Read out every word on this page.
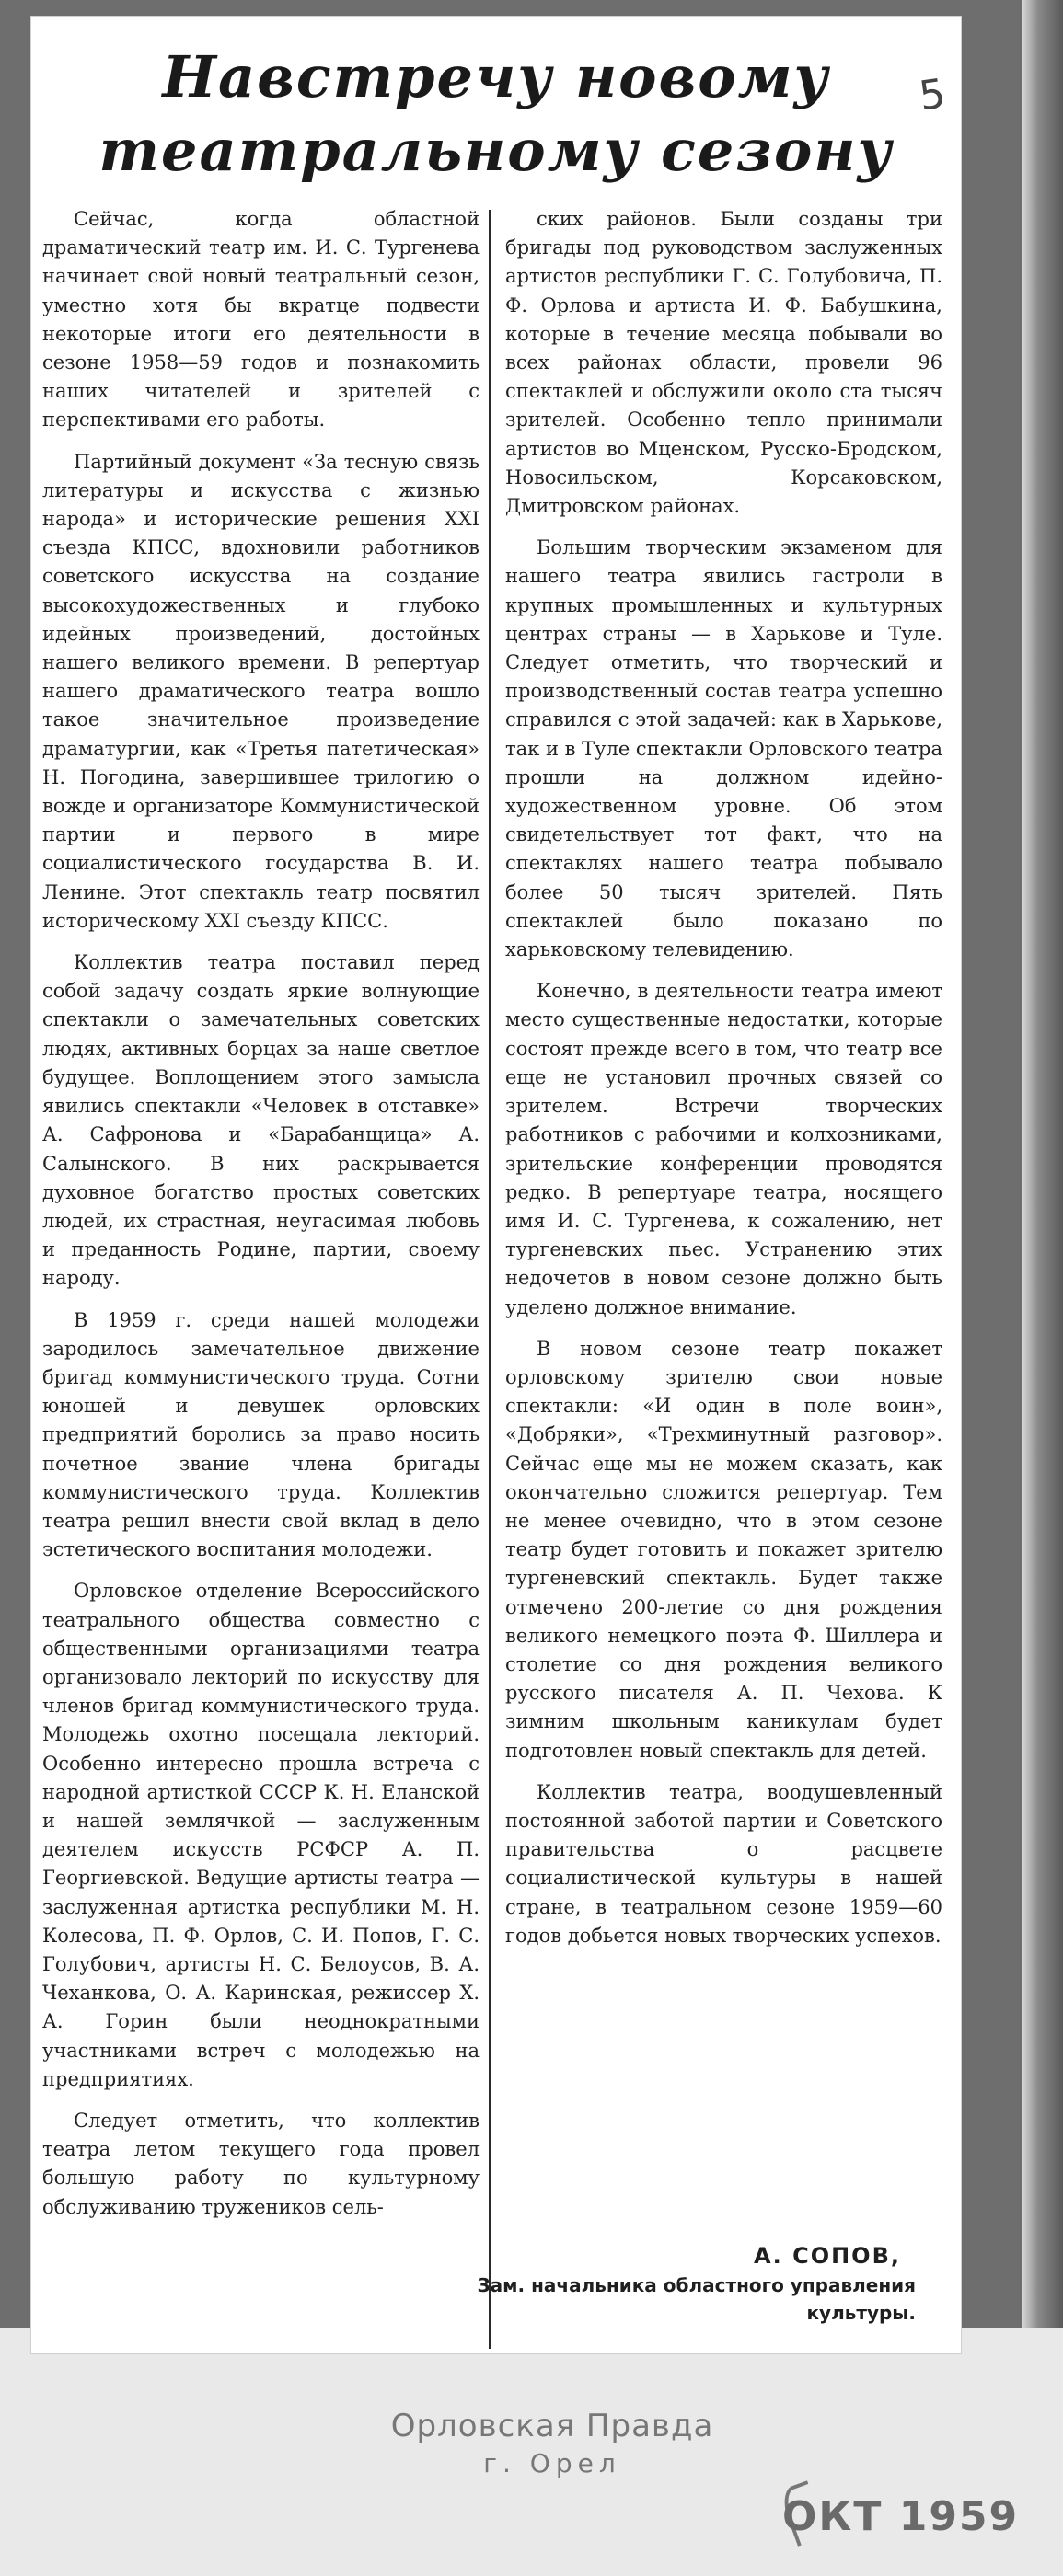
Навстречу новому
театральному сезону
5

Сейчас, когда областной драматический театр им. И. С. Тургенева начинает свой новый театральный сезон, уместно хотя бы вкратце подвести некоторые итоги его деятельности в сезоне 1958—59 годов и познакомить наших читателей и зрителей с перспективами его работы.

Партийный документ «За тесную связь литературы и искусства с жизнью народа» и исторические решения XXI съезда КПСС, вдохновили работников советского искусства на создание высокохудожественных и глубоко идейных произведений, достойных нашего великого времени. В репертуар нашего драматического театра вошло такое значительное произведение драматургии, как «Третья патетическая» Н. Погодина, завершившее трилогию о вожде и организаторе Коммунистической партии и первого в мире социалистического государства В. И. Ленине. Этот спектакль театр посвятил историческому XXI съезду КПСС.

Коллектив театра поставил перед собой задачу создать яркие волнующие спектакли о замечательных советских людях, активных борцах за наше светлое будущее. Воплощением этого замысла явились спектакли «Человек в отставке» А. Сафронова и «Барабанщица» А. Салынского. В них раскрывается духовное богатство простых советских людей, их страстная, неугасимая любовь и преданность Родине, партии, своему народу.

В 1959 г. среди нашей молодежи зародилось замечательное движение бригад коммунистического труда. Сотни юношей и девушек орловских предприятий боролись за право носить почетное звание члена бригады коммунистического труда. Коллектив театра решил внести свой вклад в дело эстетического воспитания молодежи.

Орловское отделение Всероссийского театрального общества совместно с общественными организациями театра организовало лекторий по искусству для членов бригад коммунистического труда. Молодежь охотно посещала лекторий. Особенно интересно прошла встреча с народной артисткой СССР К. Н. Еланской и нашей землячкой — заслуженным деятелем искусств РСФСР А. П. Георгиевской. Ведущие артисты театра — заслуженная артистка республики М. Н. Колесова, П. Ф. Орлов, С. И. Попов, Г. С. Голубович, артисты Н. С. Белоусов, В. А. Чеханкова, О. А. Каринская, режиссер Х. А. Горин были неоднократными участниками встреч с молодежью на предприятиях.

Следует отметить, что коллектив театра летом текущего года провел большую работу по культурному обслуживанию тружеников сель-

ских районов. Были созданы три бригады под руководством заслуженных артистов республики Г. С. Голубовича, П. Ф. Орлова и артиста И. Ф. Бабушкина, которые в течение месяца побывали во всех районах области, провели 96 спектаклей и обслужили около ста тысяч зрителей. Особенно тепло принимали артистов во Мценском, Русско-Бродском, Новосильском, Корсаковском, Дмитровском районах.

Большим творческим экзаменом для нашего театра явились гастроли в крупных промышленных и культурных центрах страны — в Харькове и Туле. Следует отметить, что творческий и производственный состав театра успешно справился с этой задачей: как в Харькове, так и в Туле спектакли Орловского театра прошли на должном идейно-художественном уровне. Об этом свидетельствует тот факт, что на спектаклях нашего театра побывало более 50 тысяч зрителей. Пять спектаклей было показано по харьковскому телевидению.

Конечно, в деятельности театра имеют место существенные недостатки, которые состоят прежде всего в том, что театр все еще не установил прочных связей со зрителем. Встречи творческих работников с рабочими и колхозниками, зрительские конференции проводятся редко. В репертуаре театра, носящего имя И. С. Тургенева, к сожалению, нет тургеневских пьес. Устранению этих недочетов в новом сезоне должно быть уделено должное внимание.

В новом сезоне театр покажет орловскому зрителю свои новые спектакли: «И один в поле воин», «Добряки», «Трехминутный разговор». Сейчас еще мы не можем сказать, как окончательно сложится репертуар. Тем не менее очевидно, что в этом сезоне театр будет готовить и покажет зрителю тургеневский спектакль. Будет также отмечено 200-летие со дня рождения великого немецкого поэта Ф. Шиллера и столетие со дня рождения великого русского писателя А. П. Чехова. К зимним школьным каникулам будет подготовлен новый спектакль для детей.

Коллектив театра, воодушевленный постоянной заботой партии и Советского правительства о расцвете социалистической культуры в нашей стране, в театральном сезоне 1959—60 годов добьется новых творческих успехов.

А. СОПОВ,
Зам. начальника областного управления культуры.
Орловская Правда
г. Орел
ОКТ 1959
